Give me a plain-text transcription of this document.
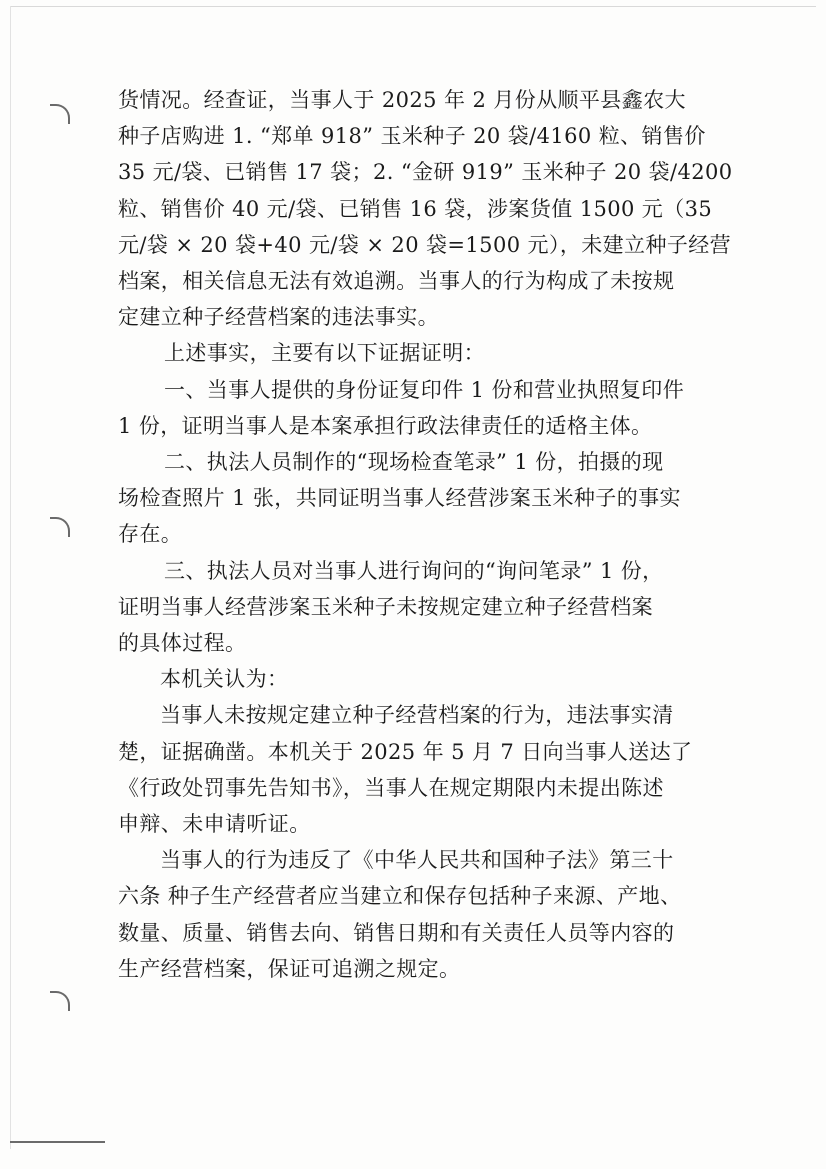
货情况。经查证，当事人于 2025 年 2 月份从顺平县鑫农大

种子店购进 1. “郑单 918” 玉米种子 20 袋/4160 粒、销售价

35 元/袋、已销售 17 袋；2. “金研 919” 玉米种子 20 袋/4200

粒、销售价 40 元/袋、已销售 16 袋，涉案货值 1500 元（35

元/袋 × 20 袋+40 元/袋 × 20 袋=1500 元），未建立种子经营

档案，相关信息无法有效追溯。当事人的行为构成了未按规

定建立种子经营档案的违法事实。

上述事实，主要有以下证据证明：

一、当事人提供的身份证复印件 1 份和营业执照复印件

1 份，证明当事人是本案承担行政法律责任的适格主体。

二、执法人员制作的“现场检查笔录” 1 份，拍摄的现

场检查照片 1 张，共同证明当事人经营涉案玉米种子的事实

存在。

三、执法人员对当事人进行询问的“询问笔录” 1 份，

证明当事人经营涉案玉米种子未按规定建立种子经营档案

的具体过程。

本机关认为：

当事人未按规定建立种子经营档案的行为，违法事实清

楚，证据确凿。本机关于 2025 年 5 月 7 日向当事人送达了

《行政处罚事先告知书》，当事人在规定期限内未提出陈述

申辩、未申请听证。

当事人的行为违反了《中华人民共和国种子法》第三十

六条 种子生产经营者应当建立和保存包括种子来源、产地、

数量、质量、销售去向、销售日期和有关责任人员等内容的

生产经营档案，保证可追溯之规定。
